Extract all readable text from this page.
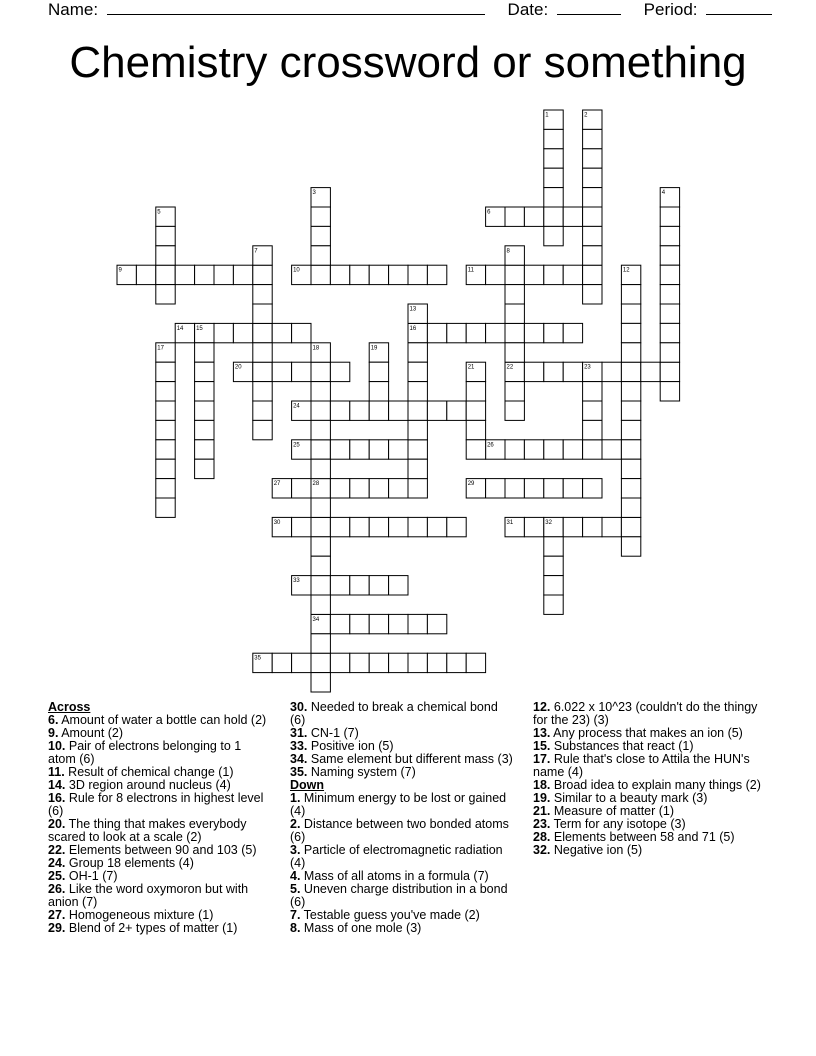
Name:	Date:	Period:
Chemistry crossword or something
9	10	11
6
14	16
20	22
24
25	26
27	29
30	31
33
34
35
1	2
3	4
5
7	8
12
13
15
17	18	19
21	23
28
32
Across
6. Amount of water a bottle can hold (2)
9. Amount (2)
10. Pair of electrons belonging to 1 atom (6)
11. Result of chemical change (1)
14. 3D region around nucleus (4)
16. Rule for 8 electrons in highest level (6)
20. The thing that makes everybody scared to look at a scale (2)
22. Elements between 90 and 103 (5)
24. Group 18 elements (4)
25. OH-1 (7)
26. Like the word oxymoron but with anion (7)
27. Homogeneous mixture (1)
29. Blend of 2+ types of matter (1)
30. Needed to break a chemical bond (6)
31. CN-1 (7)
33. Positive ion (5)
34. Same element but different mass (3)
35. Naming system (7)
Down
1. Minimum energy to be lost or gained (4)
2. Distance between two bonded atoms (6)
3. Particle of electromagnetic radiation (4)
4. Mass of all atoms in a formula (7)
5. Uneven charge distribution in a bond (6)
7. Testable guess you've made (2)
8. Mass of one mole (3)
12. 6.022 x 10^23 (couldn't do the thingy for the 23) (3)
13. Any process that makes an ion (5)
15. Substances that react (1)
17. Rule that's close to Attila the HUN's name (4)
18. Broad idea to explain many things (2)
19. Similar to a beauty mark (3)
21. Measure of matter (1)
23. Term for any isotope (3)
28. Elements between 58 and 71 (5)
32. Negative ion (5)
